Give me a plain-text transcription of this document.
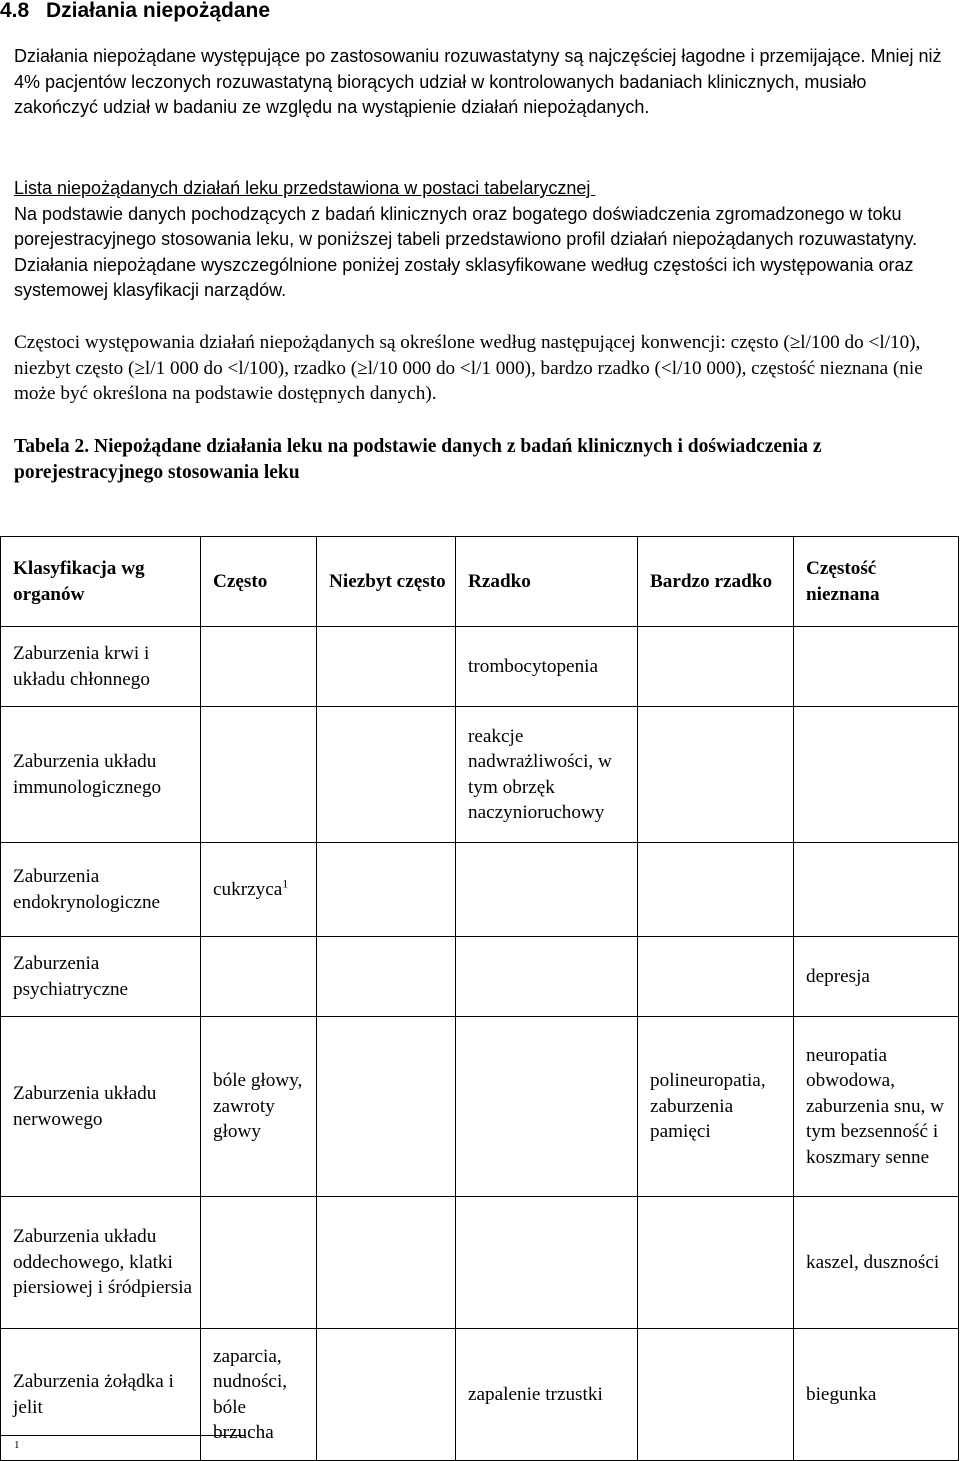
4.8 Działania niepożądane

Działania niepożądane występujące po zastosowaniu rozuwastatyny są najczęściej łagodne i przemijające. Mniej niż 4% pacjentów leczonych rozuwastatyną biorących udział w kontrolowanych badaniach klinicznych, musiało zakończyć udział w badaniu ze względu na wystąpienie działań niepożądanych.

Lista niepożądanych działań leku przedstawiona w postaci tabelarycznej

Na podstawie danych pochodzących z badań klinicznych oraz bogatego doświadczenia zgromadzonego w toku porejestracyjnego stosowania leku, w poniższej tabeli przedstawiono profil działań niepożądanych rozuwastatyny. Działania niepożądane wyszczególnione poniżej zostały sklasyfikowane według częstości ich występowania oraz systemowej klasyfikacji narządów.

Częstoci występowania działań niepożądanych są określone według następującej konwencji: często (≥l/100 do <l/10), niezbyt często (≥l/1 000 do <l/100), rzadko (≥l/10 000 do <l/1 000), bardzo rzadko (<l/10 000), częstość nieznana (nie może być określona na podstawie dostępnych danych).

Tabela 2. Niepożądane działania leku na podstawie danych z badań klinicznych i doświadczenia z porejestracyjnego stosowania leku
Klasyfikacja wg organów	Często	Niezbyt często	Rzadko	Bardzo rzadko	Częstość nieznana
Zaburzenia krwi i układu chłonnego			trombocytopenia		
Zaburzenia układu immunologicznego			reakcje nadwrażliwości, w tym obrzęk naczynioruchowy		
Zaburzenia endokrynologiczne	cukrzyca$^1$				
Zaburzenia psychiatryczne					depresja
Zaburzenia układu nerwowego	bóle głowy, zawroty głowy			polineuropatia, zaburzenia pamięci	neuropatia obwodowa, zaburzenia snu, w tym bezsenność i koszmary senne
Zaburzenia układu oddechowego, klatki piersiowej i śródpiersia					kaszel, duszności
Zaburzenia żołądka i jelit	zaparcia, nudności, bóle brzucha		zapalenie trzustki		biegunka
1
